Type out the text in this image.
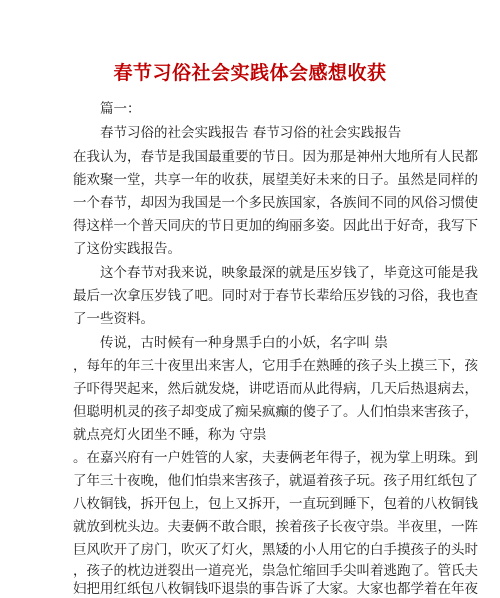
春节习俗社会实践体会感想收获
篇一：
春节习俗的社会实践报告 春节习俗的社会实践报告
在我认为，春节是我国最重要的节日。因为那是神州大地所有人民都
能欢聚一堂，共享一年的收获，展望美好未来的日子。虽然是同样的
一个春节，却因为我国是一个多民族国家，各族间不同的风俗习惯使
得这样一个普天同庆的节日更加的绚丽多姿。因此出于好奇，我写下
了这份实践报告。
这个春节对我来说，映象最深的就是压岁钱了，毕竟这可能是我
最后一次拿压岁钱了吧。同时对于春节长辈给压岁钱的习俗，我也查
了一些资料。
传说，古时候有一种身黑手白的小妖，名字叫 祟
，每年的年三十夜里出来害人，它用手在熟睡的孩子头上摸三下，孩
子吓得哭起来，然后就发烧，讲呓语而从此得病，几天后热退病去，
但聪明机灵的孩子却变成了痴呆疯癫的傻子了。人们怕祟来害孩子，
就点亮灯火团坐不睡，称为 守祟
。在嘉兴府有一户姓管的人家，夫妻俩老年得子，视为掌上明珠。到
了年三十夜晚，他们怕祟来害孩子，就逼着孩子玩。孩子用红纸包了
八枚铜钱，拆开包上，包上又拆开，一直玩到睡下，包着的八枚铜钱
就放到枕头边。夫妻俩不敢合眼，挨着孩子长夜守祟。半夜里，一阵
巨风吹开了房门，吹灭了灯火，黑矮的小人用它的白手摸孩子的头时
，孩子的枕边迸裂出一道亮光，祟急忙缩回手尖叫着逃跑了。管氏夫
妇把用红纸包八枚铜钱吓退祟的事告诉了大家。大家也都学着在年夜
